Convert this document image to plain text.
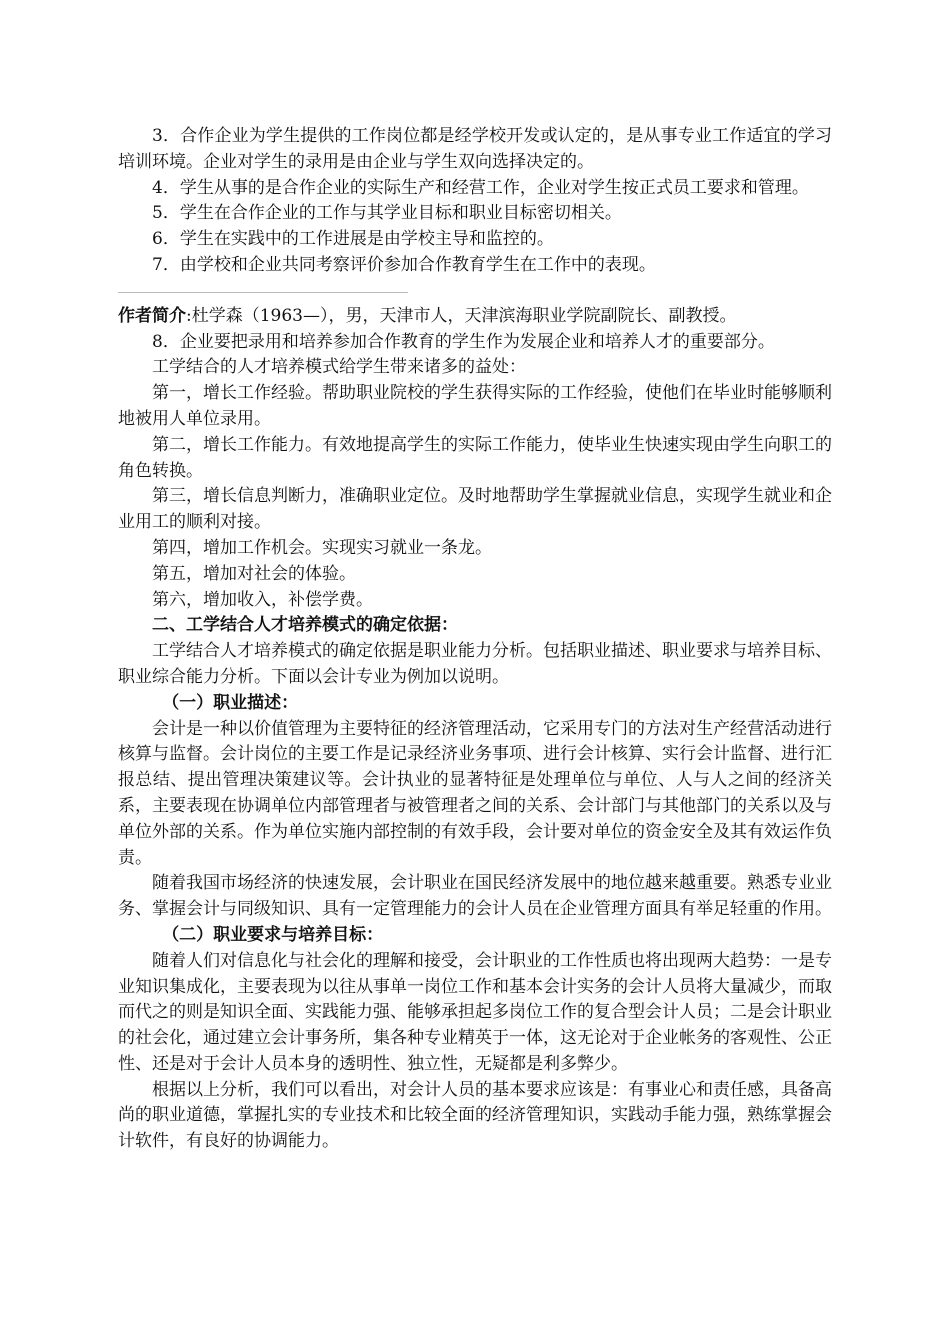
3．合作企业为学生提供的工作岗位都是经学校开发或认定的，是从事专业工作适宜的学习培训环境。企业对学生的录用是由企业与学生双向选择决定的。

4．学生从事的是合作企业的实际生产和经营工作，企业对学生按正式员工要求和管理。

5．学生在合作企业的工作与其学业目标和职业目标密切相关。

6．学生在实践中的工作进展是由学校主导和监控的。

7．由学校和企业共同考察评价参加合作教育学生在工作中的表现。

作者简介:杜学森（1963—），男，天津市人，天津滨海职业学院副院长、副教授。

8．企业要把录用和培养参加合作教育的学生作为发展企业和培养人才的重要部分。

工学结合的人才培养模式给学生带来诸多的益处：

第一，增长工作经验。帮助职业院校的学生获得实际的工作经验，使他们在毕业时能够顺利地被用人单位录用。

第二，增长工作能力。有效地提高学生的实际工作能力，使毕业生快速实现由学生向职工的角色转换。

第三，增长信息判断力，准确职业定位。及时地帮助学生掌握就业信息，实现学生就业和企业用工的顺利对接。

第四，增加工作机会。实现实习就业一条龙。

第五，增加对社会的体验。

第六，增加收入，补偿学费。

二、工学结合人才培养模式的确定依据：

工学结合人才培养模式的确定依据是职业能力分析。包括职业描述、职业要求与培养目标、职业综合能力分析。下面以会计专业为例加以说明。

（一）职业描述：

会计是一种以价值管理为主要特征的经济管理活动，它采用专门的方法对生产经营活动进行核算与监督。会计岗位的主要工作是记录经济业务事项、进行会计核算、实行会计监督、进行汇报总结、提出管理决策建议等。会计执业的显著特征是处理单位与单位、人与人之间的经济关系，主要表现在协调单位内部管理者与被管理者之间的关系、会计部门与其他部门的关系以及与单位外部的关系。作为单位实施内部控制的有效手段，会计要对单位的资金安全及其有效运作负责。

随着我国市场经济的快速发展，会计职业在国民经济发展中的地位越来越重要。熟悉专业业务、掌握会计与同级知识、具有一定管理能力的会计人员在企业管理方面具有举足轻重的作用。

（二）职业要求与培养目标：

随着人们对信息化与社会化的理解和接受，会计职业的工作性质也将出现两大趋势：一是专业知识集成化，主要表现为以往从事单一岗位工作和基本会计实务的会计人员将大量减少，而取而代之的则是知识全面、实践能力强、能够承担起多岗位工作的复合型会计人员；二是会计职业的社会化，通过建立会计事务所，集各种专业精英于一体，这无论对于企业帐务的客观性、公正性、还是对于会计人员本身的透明性、独立性，无疑都是利多弊少。

根据以上分析，我们可以看出，对会计人员的基本要求应该是：有事业心和责任感，具备高尚的职业道德，掌握扎实的专业技术和比较全面的经济管理知识，实践动手能力强，熟练掌握会计软件，有良好的协调能力。
